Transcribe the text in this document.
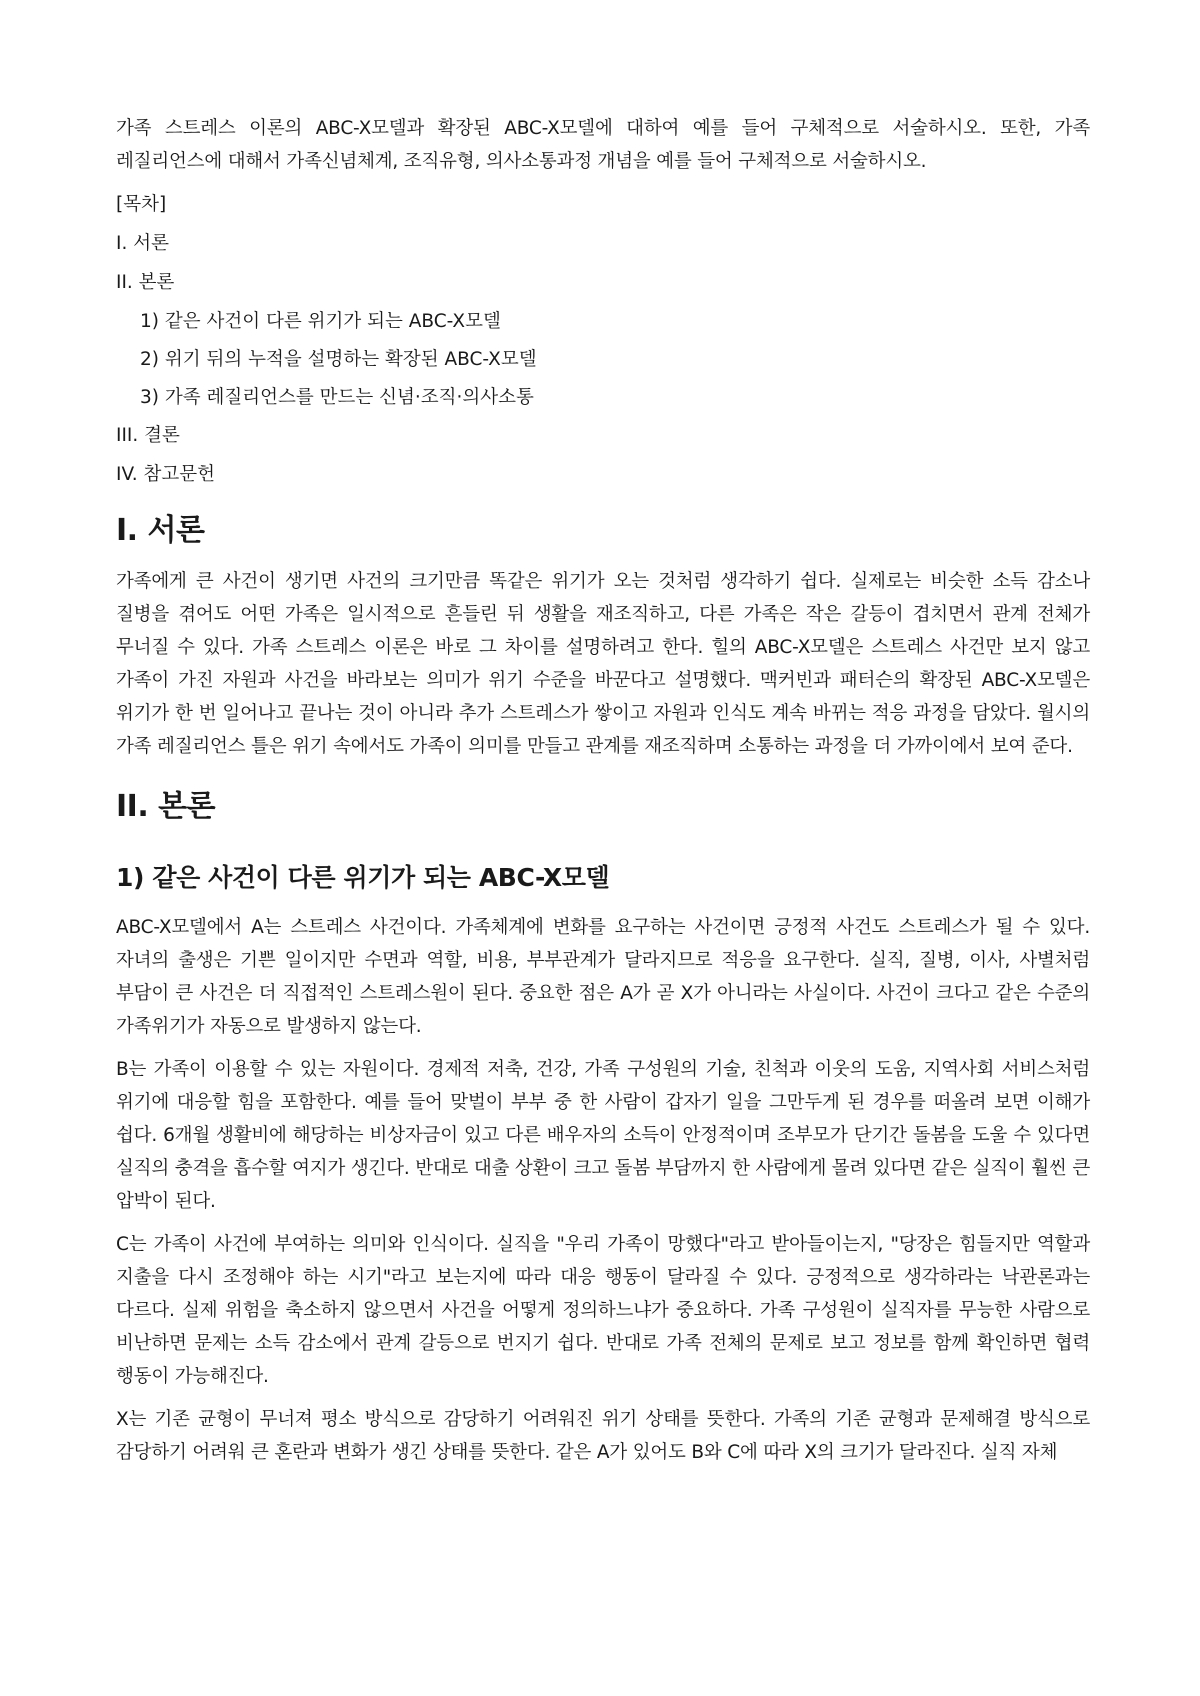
가족 스트레스 이론의 ABC-X모델과 확장된 ABC-X모델에 대하여 예를 들어 구체적으로 서술하시오. 또한, 가족 레질리언스에 대해서 가족신념체계, 조직유형, 의사소통과정 개념을 예를 들어 구체적으로 서술하시오.

[목차]
I. 서론
II. 본론
1) 같은 사건이 다른 위기가 되는 ABC-X모델
2) 위기 뒤의 누적을 설명하는 확장된 ABC-X모델
3) 가족 레질리언스를 만드는 신념·조직·의사소통
III. 결론
IV. 참고문헌
I. 서론

가족에게 큰 사건이 생기면 사건의 크기만큼 똑같은 위기가 오는 것처럼 생각하기 쉽다. 실제로는 비슷한 소득 감소나 질병을 겪어도 어떤 가족은 일시적으로 흔들린 뒤 생활을 재조직하고, 다른 가족은 작은 갈등이 겹치면서 관계 전체가 무너질 수 있다. 가족 스트레스 이론은 바로 그 차이를 설명하려고 한다. 힐의 ABC-X모델은 스트레스 사건만 보지 않고 가족이 가진 자원과 사건을 바라보는 의미가 위기 수준을 바꾼다고 설명했다. 맥커빈과 패터슨의 확장된 ABC-X모델은 위기가 한 번 일어나고 끝나는 것이 아니라 추가 스트레스가 쌓이고 자원과 인식도 계속 바뀌는 적응 과정을 담았다. 월시의 가족 레질리언스 틀은 위기 속에서도 가족이 의미를 만들고 관계를 재조직하며 소통하는 과정을 더 가까이에서 보여 준다.

II. 본론
1) 같은 사건이 다른 위기가 되는 ABC-X모델

ABC-X모델에서 A는 스트레스 사건이다. 가족체계에 변화를 요구하는 사건이면 긍정적 사건도 스트레스가 될 수 있다. 자녀의 출생은 기쁜 일이지만 수면과 역할, 비용, 부부관계가 달라지므로 적응을 요구한다. 실직, 질병, 이사, 사별처럼 부담이 큰 사건은 더 직접적인 스트레스원이 된다. 중요한 점은 A가 곧 X가 아니라는 사실이다. 사건이 크다고 같은 수준의 가족위기가 자동으로 발생하지 않는다.

B는 가족이 이용할 수 있는 자원이다. 경제적 저축, 건강, 가족 구성원의 기술, 친척과 이웃의 도움, 지역사회 서비스처럼 위기에 대응할 힘을 포함한다. 예를 들어 맞벌이 부부 중 한 사람이 갑자기 일을 그만두게 된 경우를 떠올려 보면 이해가 쉽다. 6개월 생활비에 해당하는 비상자금이 있고 다른 배우자의 소득이 안정적이며 조부모가 단기간 돌봄을 도울 수 있다면 실직의 충격을 흡수할 여지가 생긴다. 반대로 대출 상환이 크고 돌봄 부담까지 한 사람에게 몰려 있다면 같은 실직이 훨씬 큰 압박이 된다.

C는 가족이 사건에 부여하는 의미와 인식이다. 실직을 "우리 가족이 망했다"라고 받아들이는지, "당장은 힘들지만 역할과 지출을 다시 조정해야 하는 시기"라고 보는지에 따라 대응 행동이 달라질 수 있다. 긍정적으로 생각하라는 낙관론과는 다르다. 실제 위험을 축소하지 않으면서 사건을 어떻게 정의하느냐가 중요하다. 가족 구성원이 실직자를 무능한 사람으로 비난하면 문제는 소득 감소에서 관계 갈등으로 번지기 쉽다. 반대로 가족 전체의 문제로 보고 정보를 함께 확인하면 협력 행동이 가능해진다.

X는 기존 균형이 무너져 평소 방식으로 감당하기 어려워진 위기 상태를 뜻한다. 가족의 기존 균형과 문제해결 방식으로 감당하기 어려워 큰 혼란과 변화가 생긴 상태를 뜻한다. 같은 A가 있어도 B와 C에 따라 X의 크기가 달라진다. 실직 자체
